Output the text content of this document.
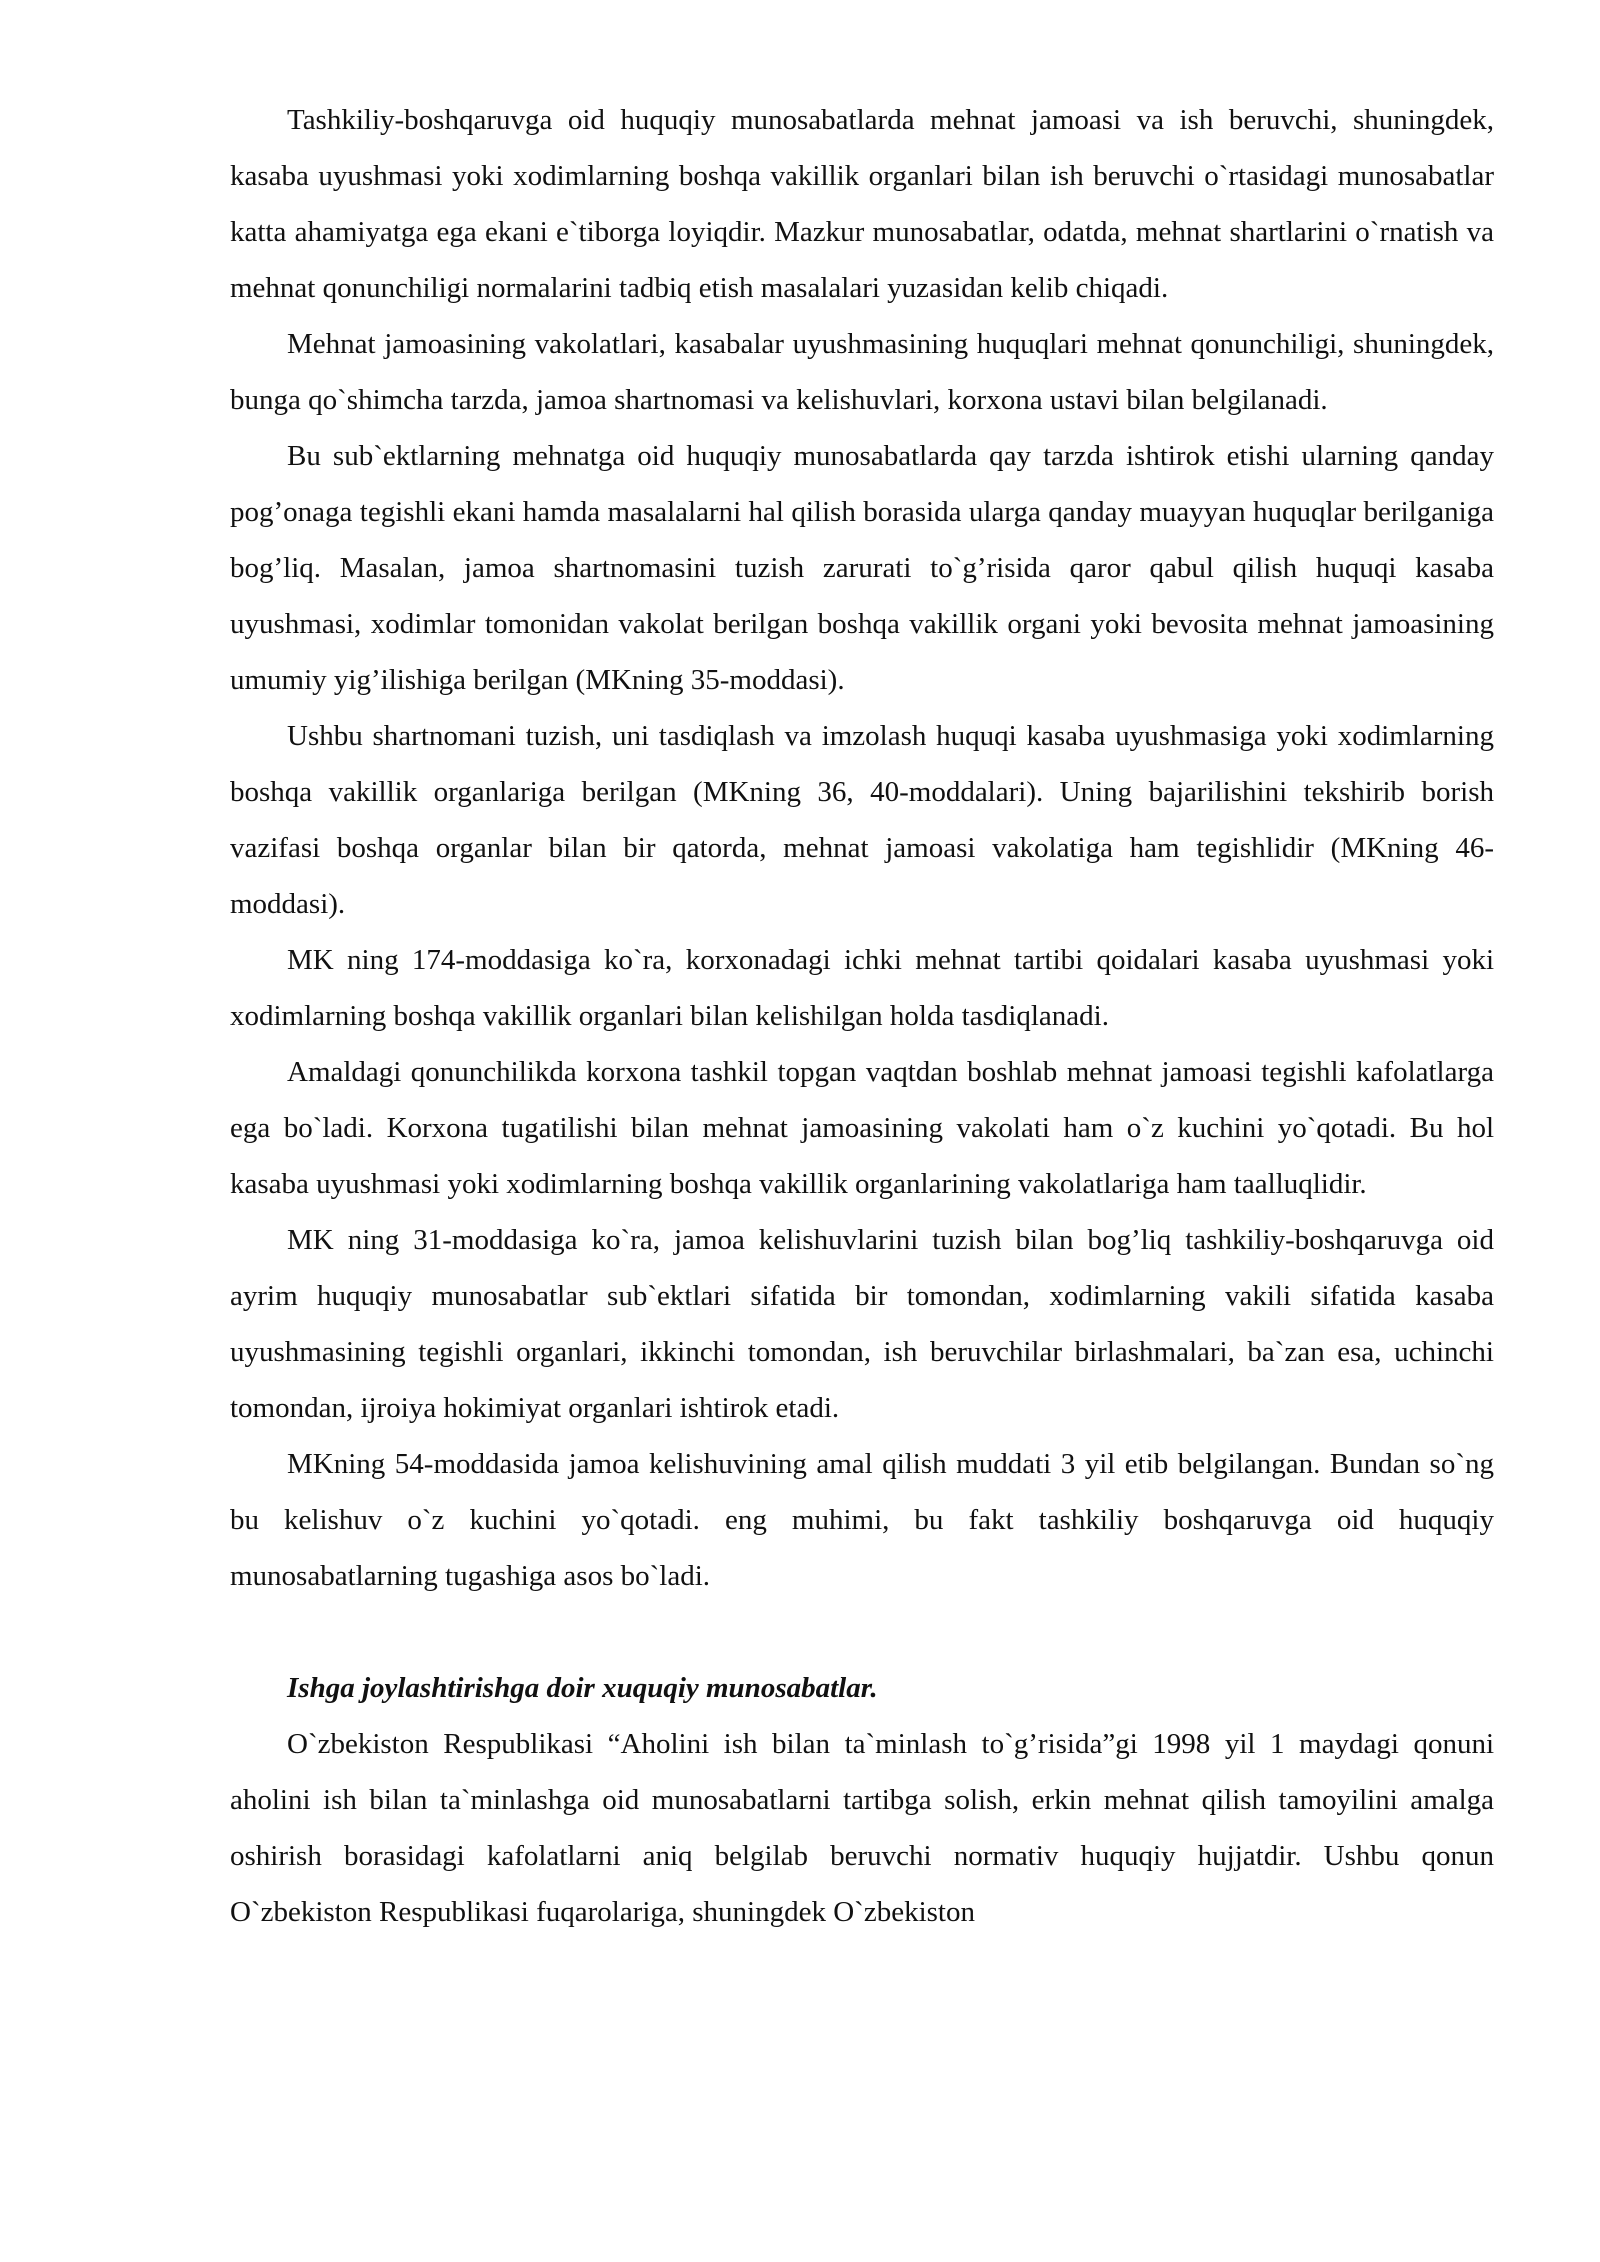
Tashkiliy-boshqaruvga oid huquqiy munosabatlarda mehnat jamoasi va ish beruvchi, shuningdek, kasaba uyushmasi yoki xodimlarning boshqa vakillik organlari bilan ish beruvchi o`rtasidagi munosabatlar katta ahamiyatga ega ekani e`tiborga loyiqdir. Mazkur munosabatlar, odatda, mehnat shartlarini o`rnatish va mehnat qonunchiligi normalarini tadbiq etish masalalari yuzasidan kelib chiqadi.

Mehnat jamoasining vakolatlari, kasabalar uyushmasining huquqlari mehnat qonunchiligi, shuningdek, bunga qo`shimcha tarzda, jamoa shartnomasi va kelishuvlari, korxona ustavi bilan belgilanadi.

Bu sub`ektlarning mehnatga oid huquqiy munosabatlarda qay tarzda ishtirok etishi ularning qanday pog’onaga tegishli ekani hamda masalalarni hal qilish borasida ularga qanday muayyan huquqlar berilganiga bog’liq. Masalan, jamoa shartnomasini tuzish zarurati to`g’risida qaror qabul qilish huquqi kasaba uyushmasi, xodimlar tomonidan vakolat berilgan boshqa vakillik organi yoki bevosita mehnat jamoasining umumiy yig’ilishiga berilgan (MKning 35-moddasi).

Ushbu shartnomani tuzish, uni tasdiqlash va imzolash huquqi kasaba uyushmasiga yoki xodimlarning boshqa vakillik organlariga berilgan (MKning 36, 40-moddalari). Uning bajarilishini tekshirib borish vazifasi boshqa organlar bilan bir qatorda, mehnat jamoasi vakolatiga ham tegishlidir (MKning 46-moddasi).

MK ning 174-moddasiga ko`ra, korxonadagi ichki mehnat tartibi qoidalari kasaba uyushmasi yoki xodimlarning boshqa vakillik organlari bilan kelishilgan holda tasdiqlanadi.

Amaldagi qonunchilikda korxona tashkil topgan vaqtdan boshlab mehnat jamoasi tegishli kafolatlarga ega bo`ladi. Korxona tugatilishi bilan mehnat jamoasining vakolati ham o`z kuchini yo`qotadi. Bu hol kasaba uyushmasi yoki xodimlarning boshqa vakillik organlarining vakolatlariga ham taalluqlidir.

MK ning 31-moddasiga ko`ra, jamoa kelishuvlarini tuzish bilan bog’liq tashkiliy-boshqaruvga oid ayrim huquqiy munosabatlar sub`ektlari sifatida bir tomondan, xodimlarning vakili sifatida kasaba uyushmasining tegishli organlari, ikkinchi tomondan, ish beruvchilar birlashmalari, ba`zan esa, uchinchi tomondan, ijroiya hokimiyat organlari ishtirok etadi.

MKning 54-moddasida jamoa kelishuvining amal qilish muddati 3 yil etib belgilangan. Bundan so`ng bu kelishuv o`z kuchini yo`qotadi. eng muhimi, bu fakt tashkiliy boshqaruvga oid huquqiy munosabatlarning tugashiga asos bo`ladi.

Ishga joylashtirishga doir xuquqiy munosabatlar.

O`zbekiston Respublikasi “Aholini ish bilan ta`minlash to`g’risida”gi 1998 yil 1 maydagi qonuni aholini ish bilan ta`minlashga oid munosabatlarni tartibga solish, erkin mehnat qilish tamoyilini amalga oshirish borasidagi kafolatlarni aniq belgilab beruvchi normativ huquqiy hujjatdir. Ushbu qonun O`zbekiston Respublikasi fuqarolariga, shuningdek O`zbekiston
